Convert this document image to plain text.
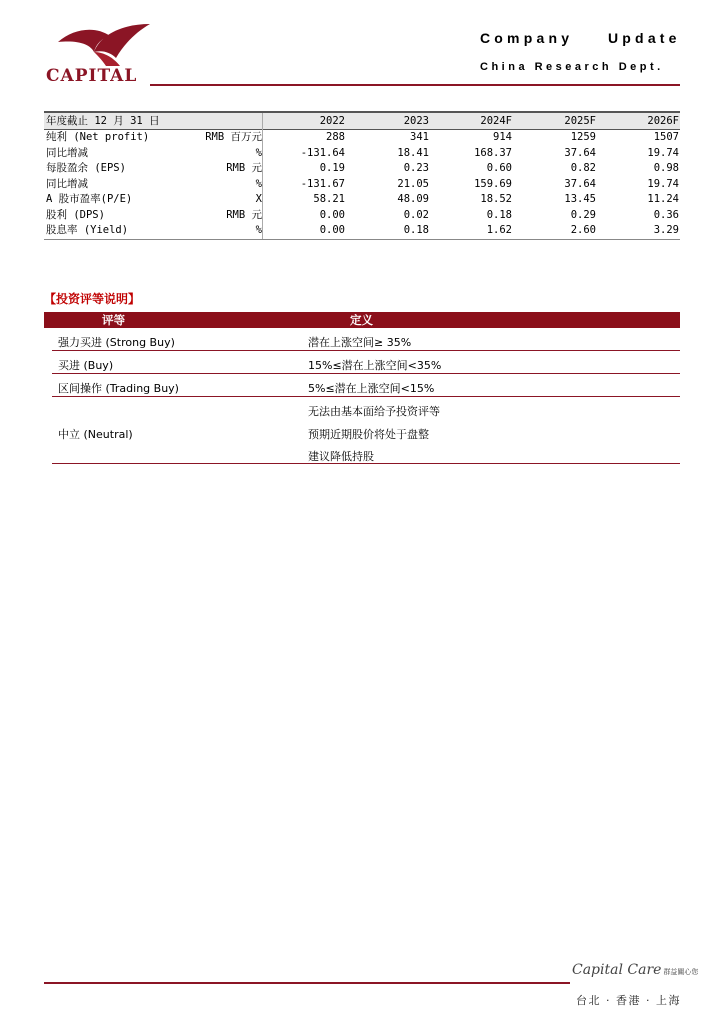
CAPITAL
Company Update
China Research Dept.
年度截止 12 月 31 日	2022	2023	2024F	2025F	2026F
纯利 (Net profit)	RMB 百万元	288	341	914	1259	1507
同比增减	%	-131.64	18.41	168.37	37.64	19.74
每股盈余 (EPS)	RMB 元	0.19	0.23	0.60	0.82	0.98
同比增减	%	-131.67	21.05	159.69	37.64	19.74
A 股市盈率(P/E)	X	58.21	48.09	18.52	13.45	11.24
股利 (DPS)	RMB 元	0.00	0.02	0.18	0.29	0.36
股息率 (Yield)	%	0.00	0.18	1.62	2.60	3.29
【投资评等说明】
评等	定义
强力买进 (Strong Buy)	潜在上涨空间≥ 35%
买进 (Buy)	15%≤潜在上涨空间<35%
区间操作 (Trading Buy)	5%≤潜在上涨空间<15%
中立 (Neutral)
无法由基本面给予投资评等
预期近期股价将处于盘整
建议降低持股
Capital Care 群益關心您
台北 · 香港 · 上海
